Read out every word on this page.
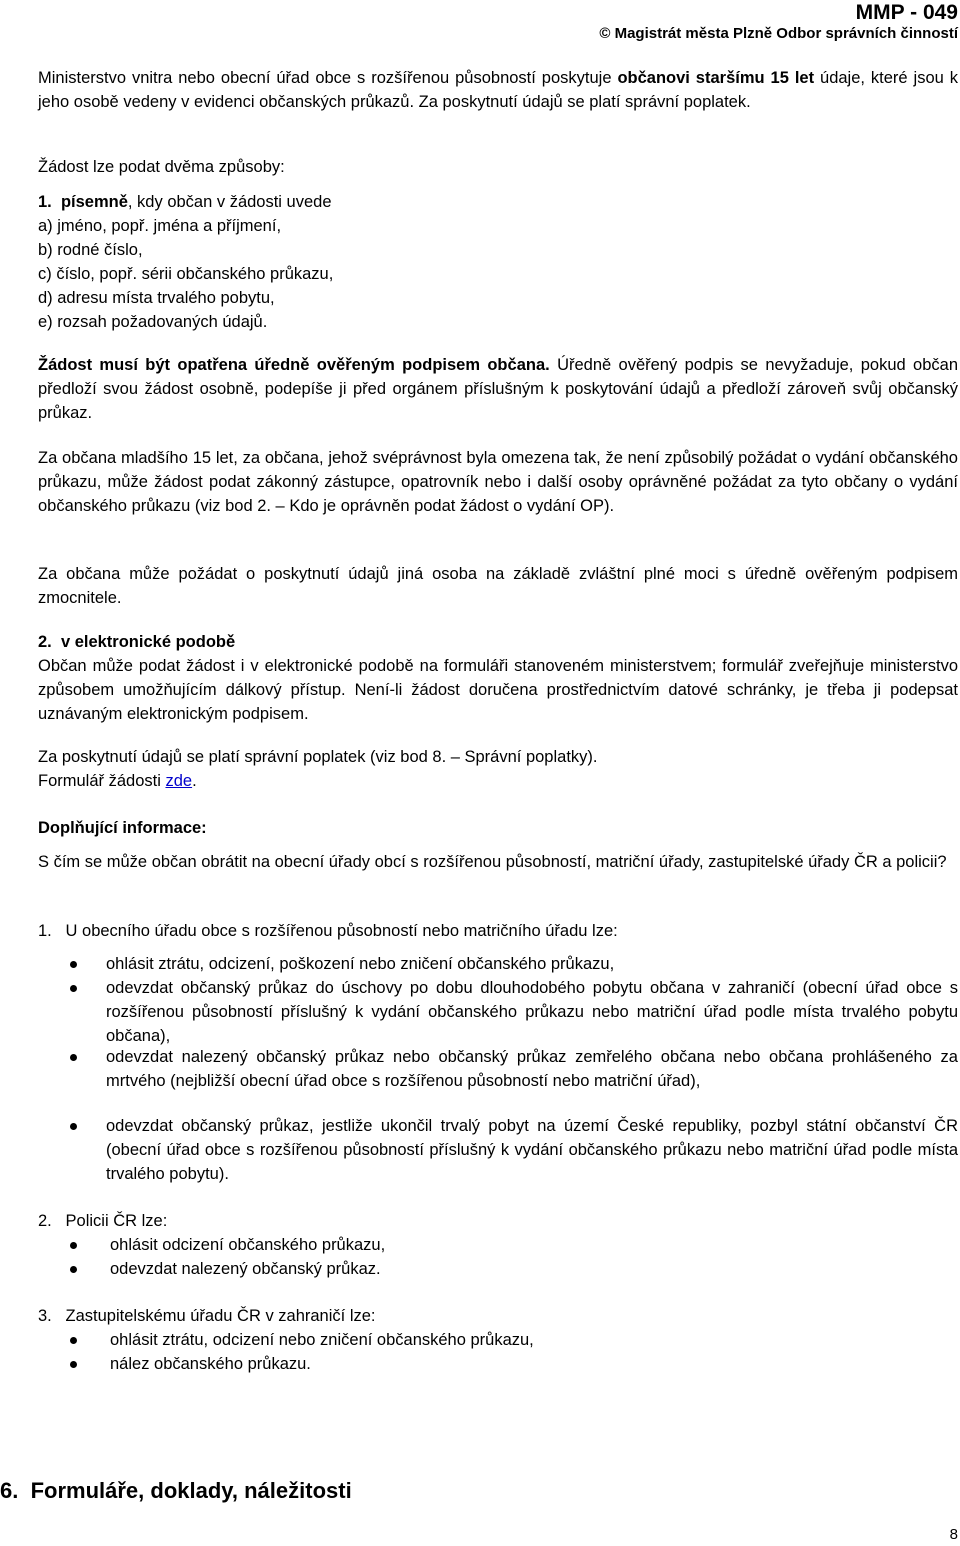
MMP - 049
© Magistrát města Plzně Odbor správních činností

Ministerstvo vnitra nebo obecní úřad obce s rozšířenou působností poskytuje občanovi staršímu 15 let údaje, které jsou k jeho osobě vedeny v evidenci občanských průkazů. Za poskytnutí údajů se platí správní poplatek.

Žádost lze podat dvěma způsoby:
1. písemně, kdy občan v žádosti uvede
a) jméno, popř. jména a příjmení,
b) rodné číslo,
c) číslo, popř. sérii občanského průkazu,
d) adresu místa trvalého pobytu,
e) rozsah požadovaných údajů.

Žádost musí být opatřena úředně ověřeným podpisem občana. Úředně ověřený podpis se nevyžaduje, pokud občan předloží svou žádost osobně, podepíše ji před orgánem příslušným k poskytování údajů a předloží zároveň svůj občanský průkaz.

Za občana mladšího 15 let, za občana, jehož svéprávnost byla omezena tak, že není způsobilý požádat o vydání občanského průkazu, může žádost podat zákonný zástupce, opatrovník nebo i další osoby oprávněné požádat za tyto občany o vydání občanského průkazu (viz bod 2. – Kdo je oprávněn podat žádost o vydání OP).

Za občana může požádat o poskytnutí údajů jiná osoba na základě zvláštní plné moci s úředně ověřeným podpisem zmocnitele.

2. v elektronické podobě

Občan může podat žádost i v elektronické podobě na formuláři stanoveném ministerstvem; formulář zveřejňuje ministerstvo způsobem umožňujícím dálkový přístup. Není-li žádost doručena prostřednictvím datové schránky, je třeba ji podepsat uznávaným elektronickým podpisem.

Za poskytnutí údajů se platí správní poplatek (viz bod 8. – Správní poplatky).
Formulář žádosti zde.
Doplňující informace:

S čím se může občan obrátit na obecní úřady obcí s rozšířenou působností, matriční úřady, zastupitelské úřady ČR a policii?

1. U obecního úřadu obce s rozšířenou působností nebo matričního úřadu lze:
ohlásit ztrátu, odcizení, poškození nebo zničení občanského průkazu,
odevzdat občanský průkaz do úschovy po dobu dlouhodobého pobytu občana v zahraničí (obecní úřad obce s rozšířenou působností příslušný k vydání občanského průkazu nebo matriční úřad podle místa trvalého pobytu občana),
odevzdat nalezený občanský průkaz nebo občanský průkaz zemřelého občana nebo občana prohlášeného za mrtvého (nejbližší obecní úřad obce s rozšířenou působností nebo matriční úřad),
odevzdat občanský průkaz, jestliže ukončil trvalý pobyt na území České republiky, pozbyl státní občanství ČR (obecní úřad obce s rozšířenou působností příslušný k vydání občanského průkazu nebo matriční úřad podle místa trvalého pobytu).
2. Policii ČR lze:
ohlásit odcizení občanského průkazu,
odevzdat nalezený občanský průkaz.
3. Zastupitelskému úřadu ČR v zahraničí lze:
ohlásit ztrátu, odcizení nebo zničení občanského průkazu,
nález občanského průkazu.
6.  Formuláře, doklady, náležitosti
8
